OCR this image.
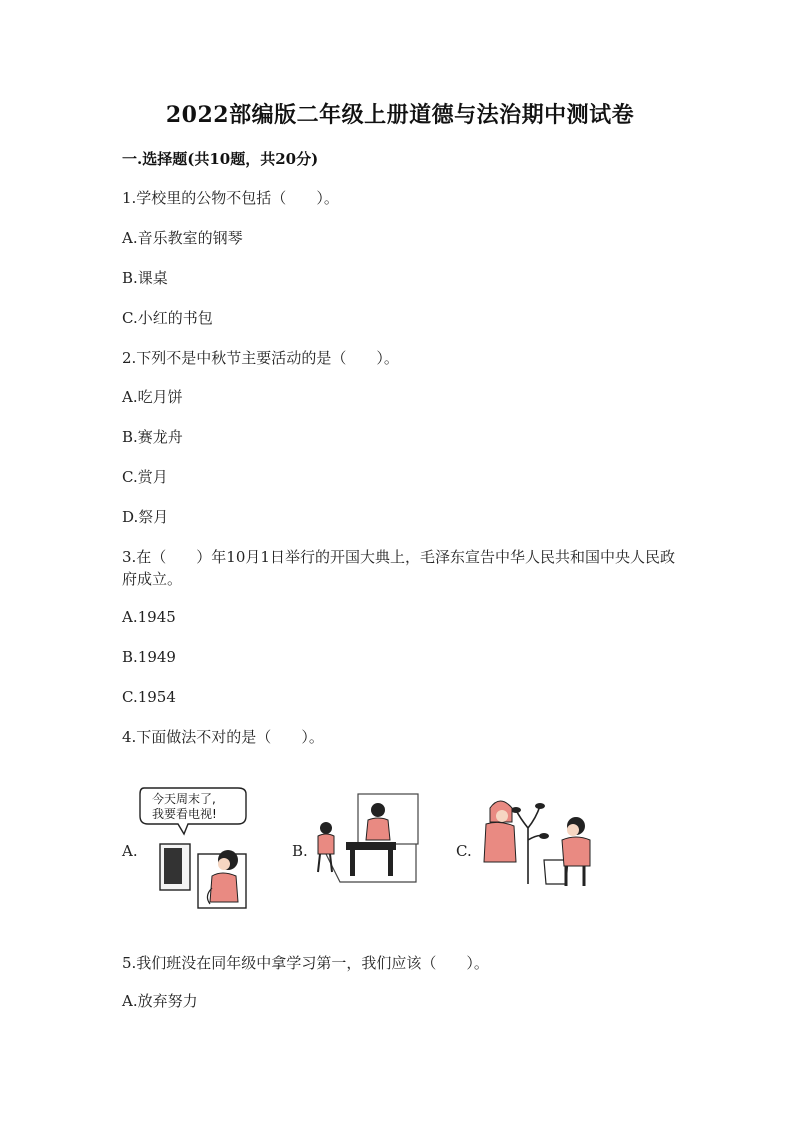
2022部编版二年级上册道德与法治期中测试卷
一.选择题(共10题，共20分)
1.学校里的公物不包括（　　）。
A.音乐教室的钢琴
B.课桌
C.小红的书包
2.下列不是中秋节主要活动的是（　　）。
A.吃月饼
B.赛龙舟
C.赏月
D.祭月
3.在（　　）年10月1日举行的开国大典上，毛泽东宣告中华人民共和国中央人民政府成立。
A.1945
B.1949
C.1954
4.下面做法不对的是（　　）。
A.
今天周末了,
我要看电视!
B.	C.
5.我们班没在同年级中拿学习第一，我们应该（　　）。
A.放弃努力
